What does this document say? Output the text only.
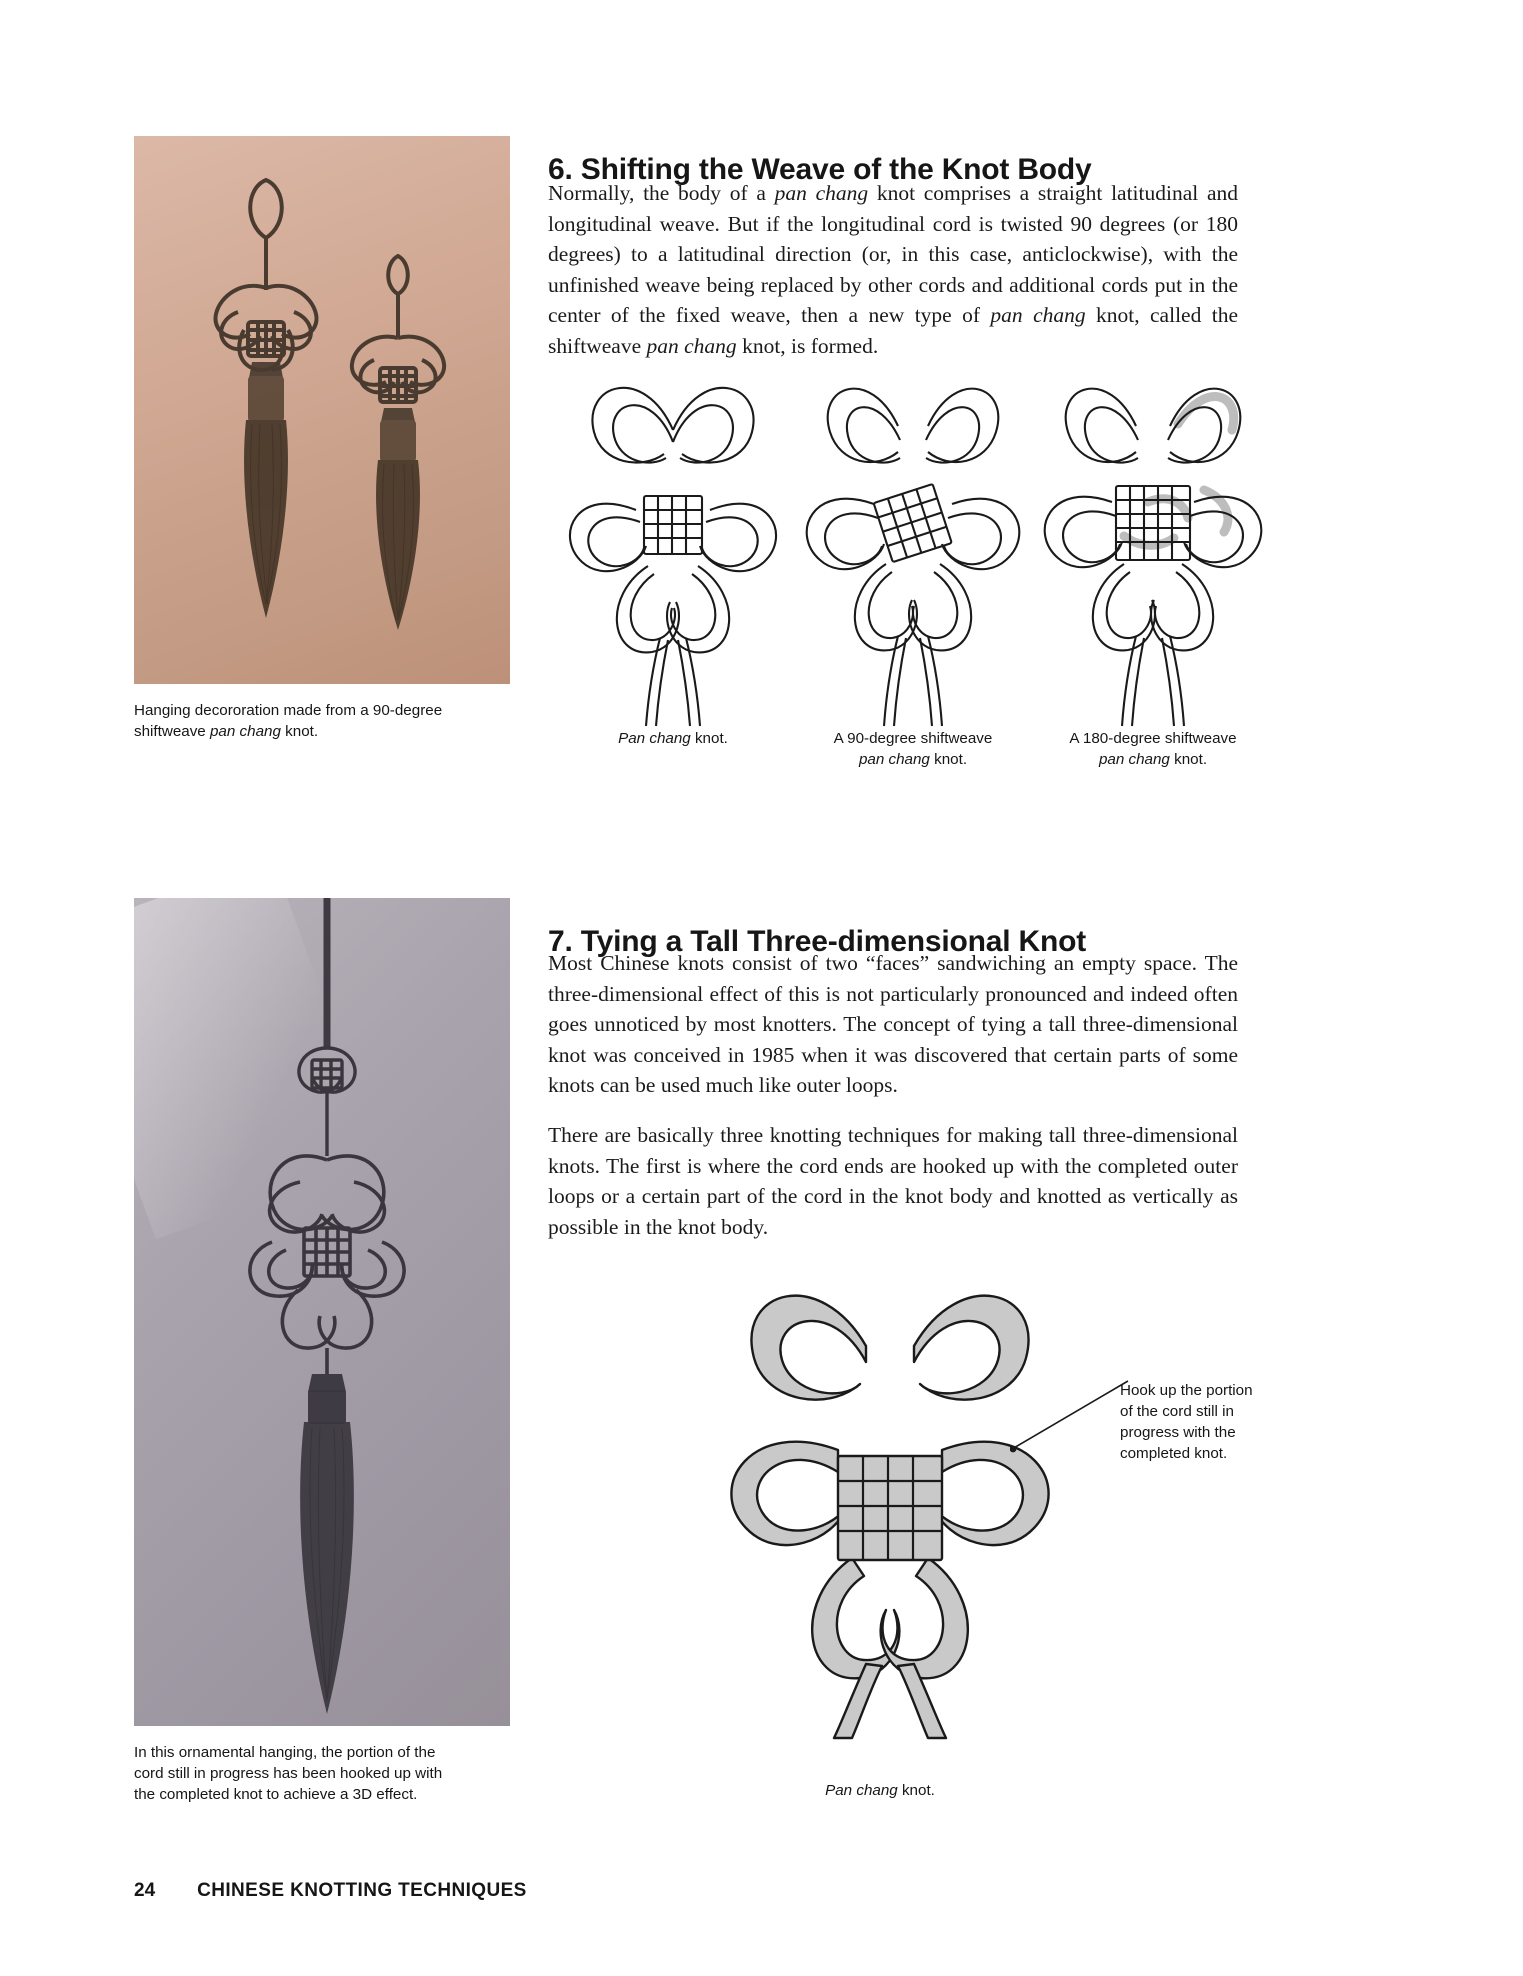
6. Shifting the Weave of the Knot Body

Normally, the body of a pan chang knot comprises a straight latitudinal and longitudinal weave. But if the longitudinal cord is twisted 90 degrees (or 180 degrees) to a latitudinal direction (or, in this case, anticlockwise), with the unfinished weave being replaced by other cords and additional cords put in the center of the fixed weave, then a new type of pan chang knot, called the shiftweave pan chang knot, is formed.

Hanging decororation made from a 90-degree
shiftweave pan chang knot.	Pan chang knot.	A 90-degree shiftweave
pan chang knot.
A 180-degree shiftweave
pan chang knot.
7. Tying a Tall Three-dimensional Knot

Most Chinese knots consist of two “faces” sandwiching an empty space. The three-dimensional effect of this is not particularly pronounced and indeed often goes unnoticed by most knotters. The concept of tying a tall three-dimensional knot was conceived in 1985 when it was discovered that certain parts of some knots can be used much like outer loops.

There are basically three knotting techniques for making tall three-dimensional knots. The first is where the cord ends are hooked up with the completed outer loops or a certain part of the cord in the knot body and knotted as vertically as possible in the knot body.

In this ornamental hanging, the portion of the
cord still in progress has been hooked up with
the completed knot to achieve a 3D effect.
Hook up the portion
of the cord still in
progress with the
completed knot.
Pan chang knot.
24 CHINESE KNOTTING TECHNIQUES
